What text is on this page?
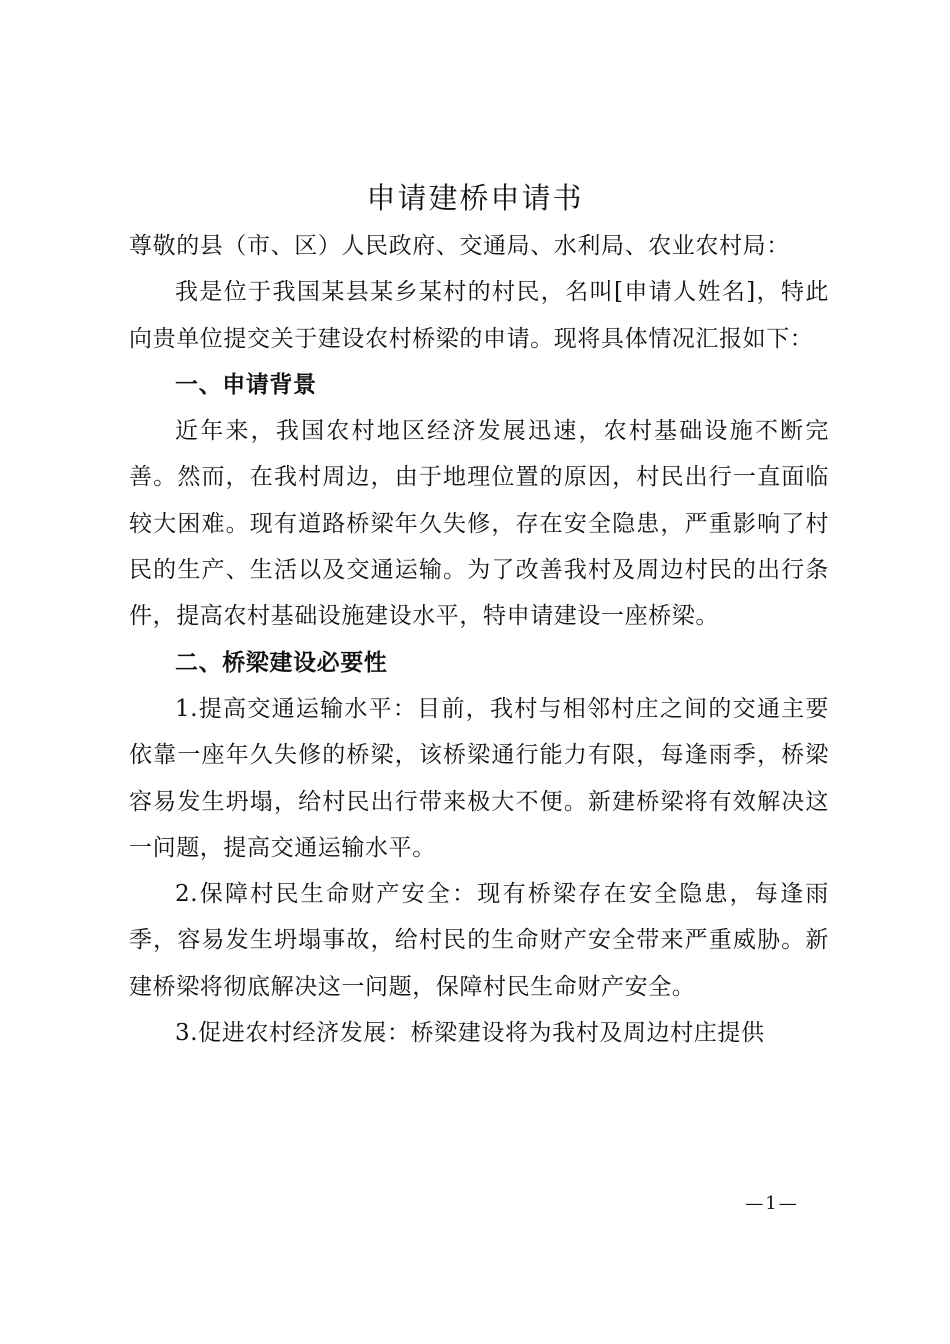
申请建桥申请书

尊敬的县（市、区）人民政府、交通局、水利局、农业农村局：

我是位于我国某县某乡某村的村民，名叫[申请人姓名]，特此向贵单位提交关于建设农村桥梁的申请。现将具体情况汇报如下：

一、申请背景

近年来，我国农村地区经济发展迅速，农村基础设施不断完善。然而，在我村周边，由于地理位置的原因，村民出行一直面临较大困难。现有道路桥梁年久失修，存在安全隐患，严重影响了村民的生产、生活以及交通运输。为了改善我村及周边村民的出行条件，提高农村基础设施建设水平，特申请建设一座桥梁。

二、桥梁建设必要性

1.提高交通运输水平：目前，我村与相邻村庄之间的交通主要依靠一座年久失修的桥梁，该桥梁通行能力有限，每逢雨季，桥梁容易发生坍塌，给村民出行带来极大不便。新建桥梁将有效解决这一问题，提高交通运输水平。

2.保障村民生命财产安全：现有桥梁存在安全隐患，每逢雨季，容易发生坍塌事故，给村民的生命财产安全带来严重威胁。新建桥梁将彻底解决这一问题，保障村民生命财产安全。

3.促进农村经济发展：桥梁建设将为我村及周边村庄提供

—1—
